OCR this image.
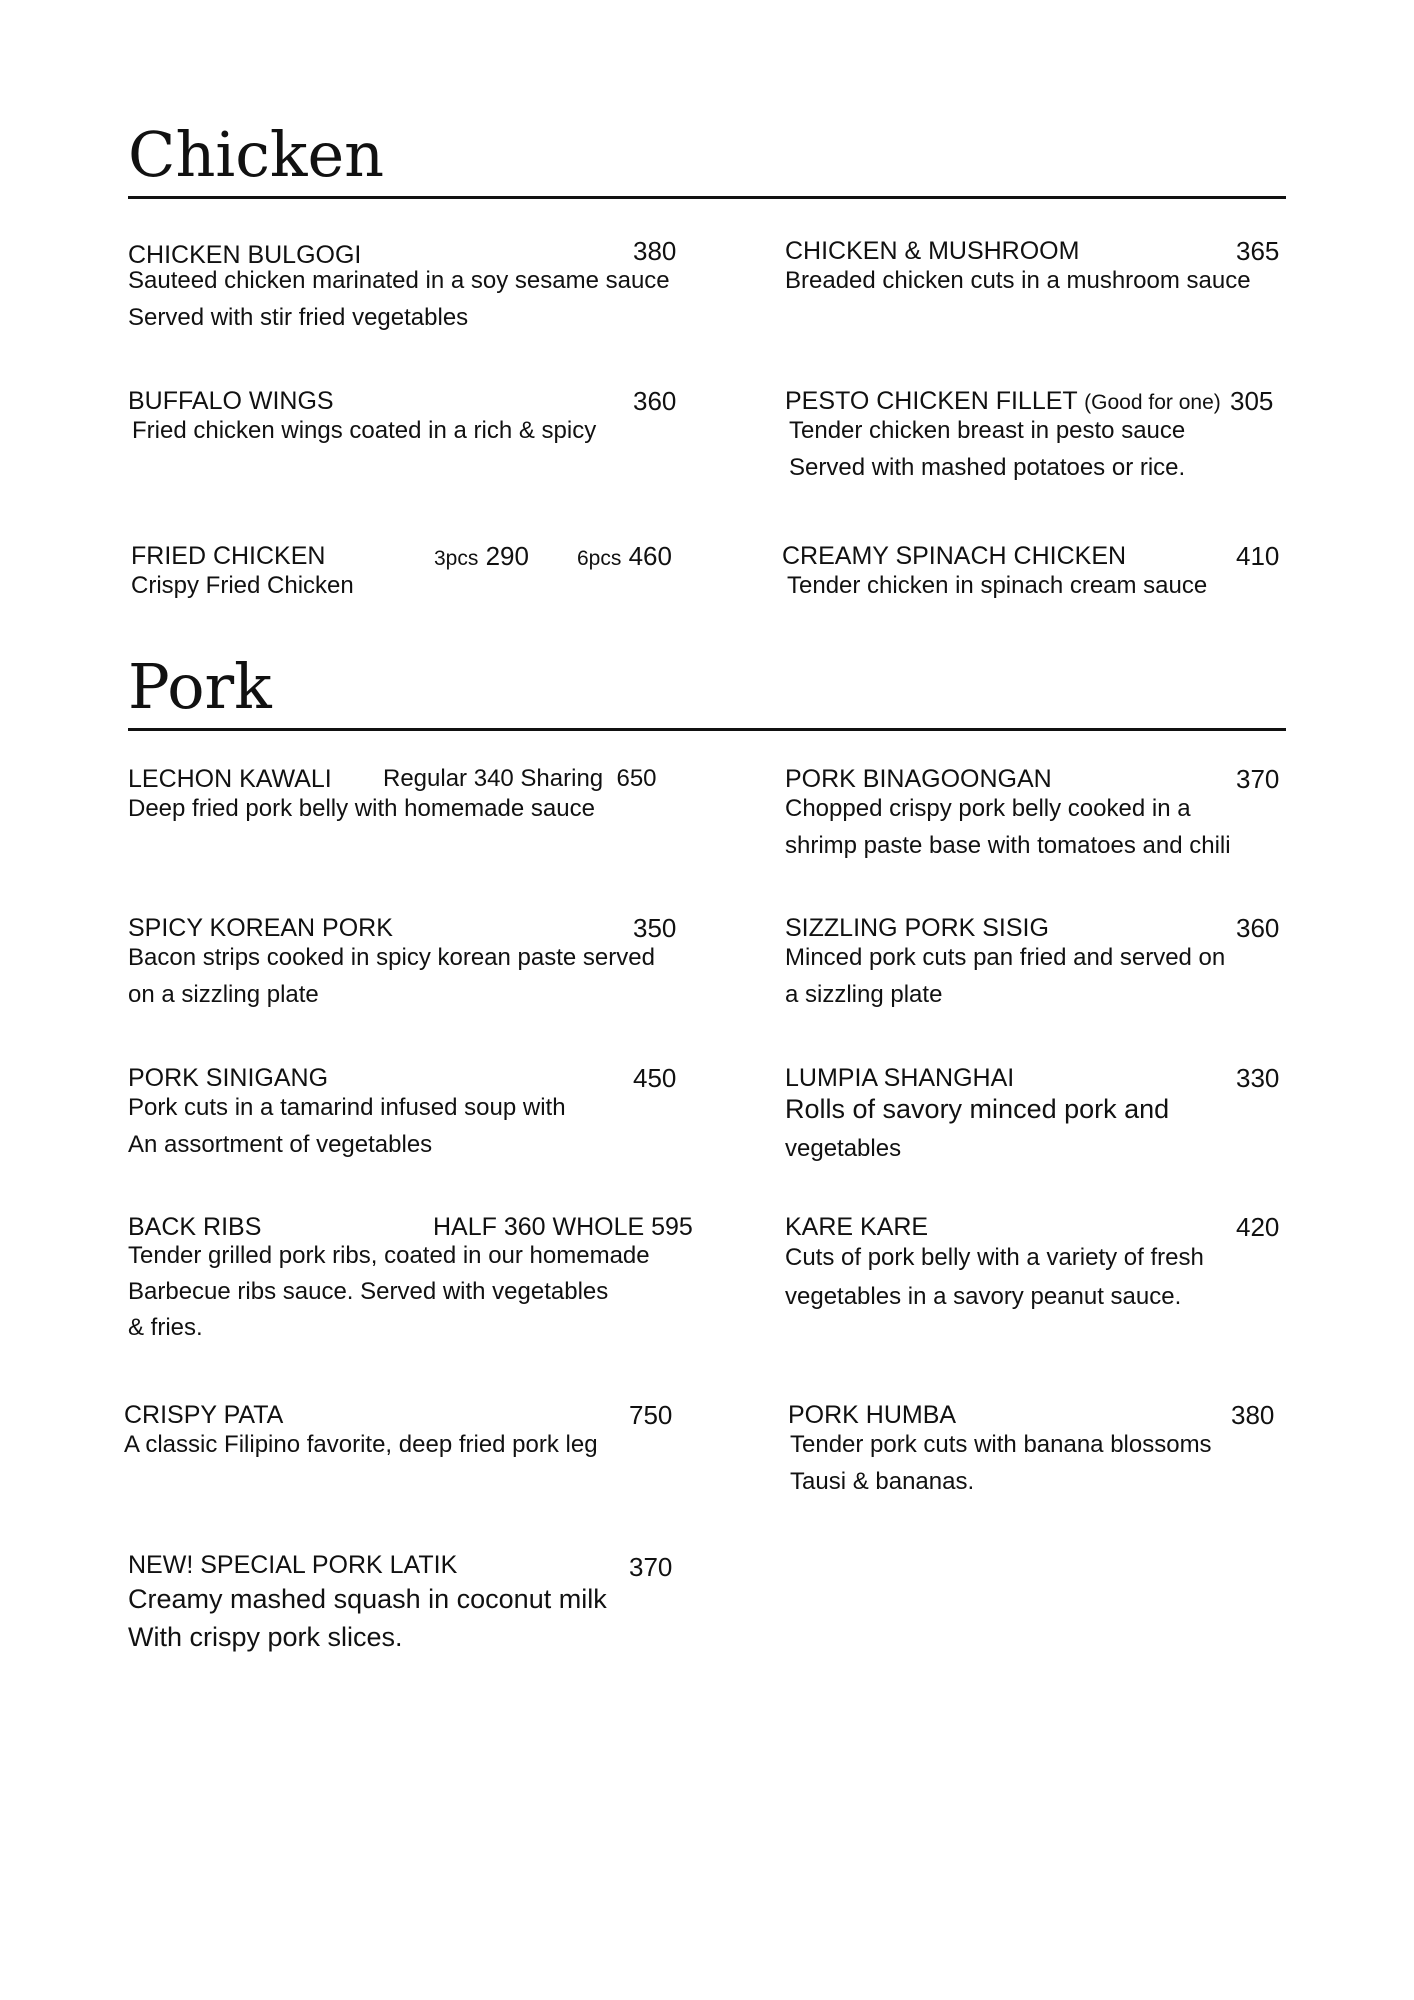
Chicken
CHICKEN BULGOGI	380
Sauteed chicken marinated in a soy sesame sauce
Served with stir fried vegetables
CHICKEN & MUSHROOM	365
Breaded chicken cuts in a mushroom sauce
BUFFALO WINGS	360
Fried chicken wings coated in a rich & spicy
PESTO CHICKEN FILLET (Good for one) 305
Tender chicken breast in pesto sauce
Served with mashed potatoes or rice.
FRIED CHICKEN	3pcs 290 6pcs 460
Crispy Fried Chicken
CREAMY SPINACH CHICKEN	410
Tender chicken in spinach cream sauce
Pork
LECHON KAWALI Regular 340 Sharing  650
Deep fried pork belly with homemade sauce
PORK BINAGOONGAN	370
Chopped crispy pork belly cooked in a
shrimp paste base with tomatoes and chili
SPICY KOREAN PORK	350
Bacon strips cooked in spicy korean paste served
on a sizzling plate
SIZZLING PORK SISIG	360
Minced pork cuts pan fried and served on
a sizzling plate
PORK SINIGANG	450
Pork cuts in a tamarind infused soup with
An assortment of vegetables
LUMPIA SHANGHAI	330
Rolls of savory minced pork and
vegetables
BACK RIBS	HALF 360 WHOLE 595
Tender grilled pork ribs, coated in our homemade
Barbecue ribs sauce. Served with vegetables
& fries.
KARE KARE	420
Cuts of pork belly with a variety of fresh
vegetables in a savory peanut sauce.
CRISPY PATA	750
A classic Filipino favorite, deep fried pork leg
PORK HUMBA	380
Tender pork cuts with banana blossoms
Tausi & bananas.
NEW! SPECIAL PORK LATIK	370
Creamy mashed squash in coconut milk
With crispy pork slices.
